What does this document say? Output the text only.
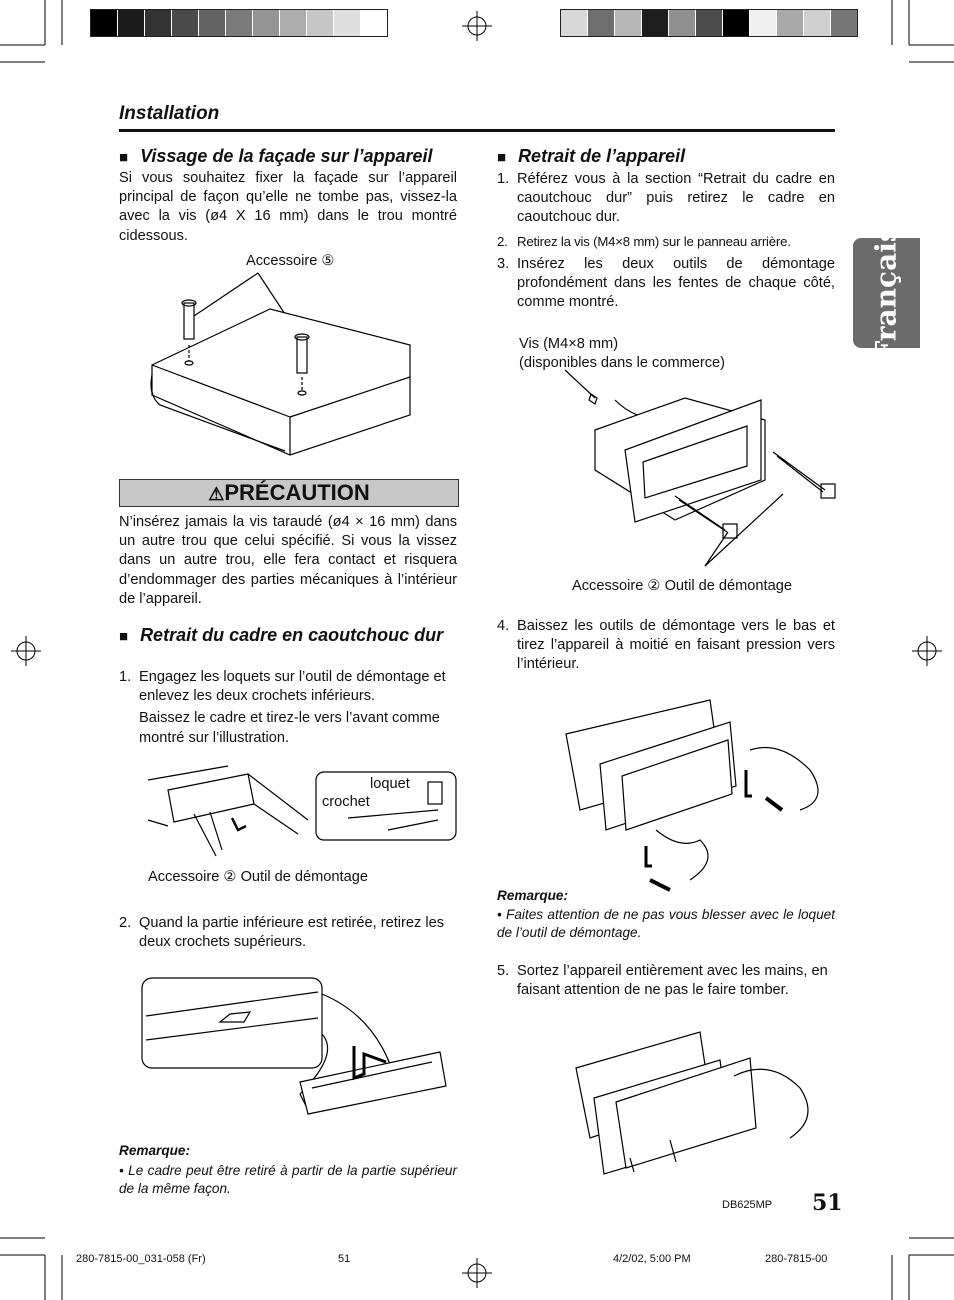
Installation
Français
■ Vissage de la façade sur l’appareil
Si vous souhaitez fixer la façade sur l’appareil principal de façon qu’elle ne tombe pas, vissez-la avec la vis (ø4 X 16 mm) dans le trou montré cidessous.
Accessoire ⑤
⚠PRÉCAUTION
N’insérez jamais la vis taraudé (ø4 × 16 mm) dans un autre trou que celui spécifié. Si vous la vissez dans un autre trou, elle fera contact et risquera d’endommager des parties mécaniques à l’intérieur de l’appareil.
■ Retrait du cadre en caoutchouc dur
1. Engagez les loquets sur l’outil de démontage et enlevez les deux crochets inférieurs.
Baissez le cadre et tirez-le vers l’avant comme montré sur l’illustration.
loquet
crochet
Accessoire ② Outil de démontage
2. Quand la partie inférieure est retirée, retirez les deux crochets supérieurs.
Remarque:
• Le cadre peut être retiré à partir de la partie supérieur de la même façon.
■ Retrait de l’appareil
1. Référez vous à la section “Retrait du cadre en caoutchouc dur” puis retirez le cadre en caoutchouc dur.
2. Retirez la vis (M4×8 mm) sur le panneau arrière.
3. Insérez les deux outils de démontage profondément dans les fentes de chaque côté, comme montré.
Vis (M4×8 mm)
(disponibles dans le commerce)
Accessoire ② Outil de démontage
4. Baissez les outils de démontage vers le bas et tirez l’appareil à moitié en faisant pression vers l’intérieur.
Remarque:
• Faites attention de ne pas vous blesser avec le loquet de l’outil de démontage.
5. Sortez l’appareil entièrement avec les mains, en faisant attention de ne pas le faire tomber.
DB625MP 51
280-7815-00_031-058 (Fr)	51	4/2/02, 5:00 PM	280-7815-00
